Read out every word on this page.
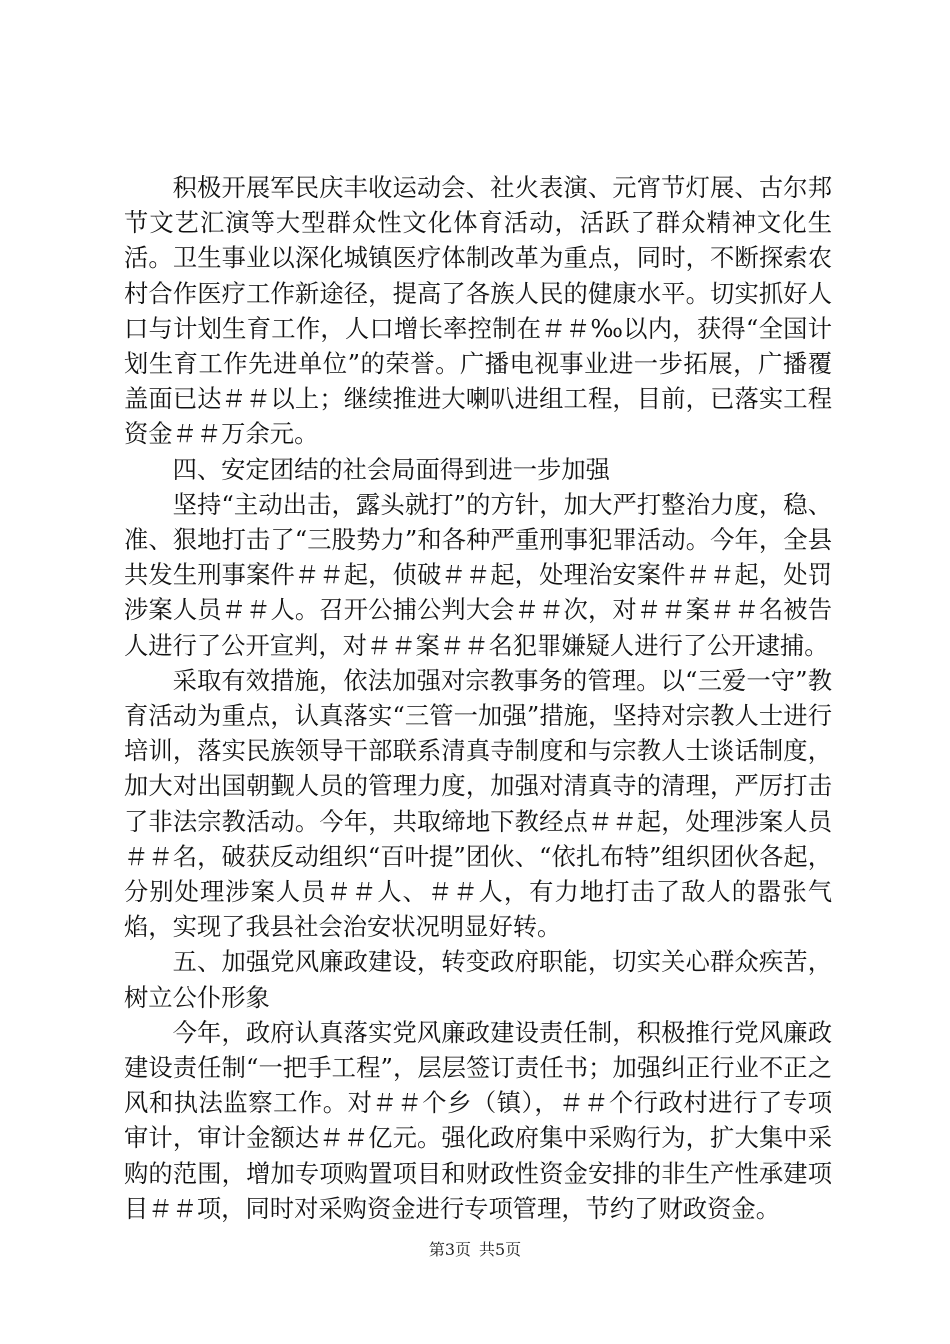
积极开展军民庆丰收运动会、社火表演、元宵节灯展、古尔邦节文艺汇演等大型群众性文化体育活动，活跃了群众精神文化生活。卫生事业以深化城镇医疗体制改革为重点，同时，不断探索农村合作医疗工作新途径，提高了各族人民的健康水平。切实抓好人口与计划生育工作，人口增长率控制在＃＃‰以内，获得“全国计划生育工作先进单位”的荣誉。广播电视事业进一步拓展，广播覆盖面已达＃＃以上；继续推进大喇叭进组工程，目前，已落实工程资金＃＃万余元。

四、安定团结的社会局面得到进一步加强

坚持“主动出击，露头就打”的方针，加大严打整治力度，稳、准、狠地打击了“三股势力”和各种严重刑事犯罪活动。今年，全县共发生刑事案件＃＃起，侦破＃＃起，处理治安案件＃＃起，处罚涉案人员＃＃人。召开公捕公判大会＃＃次，对＃＃案＃＃名被告人进行了公开宣判，对＃＃案＃＃名犯罪嫌疑人进行了公开逮捕。

采取有效措施，依法加强对宗教事务的管理。以“三爱一守”教育活动为重点，认真落实“三管一加强”措施，坚持对宗教人士进行培训，落实民族领导干部联系清真寺制度和与宗教人士谈话制度，加大对出国朝觐人员的管理力度，加强对清真寺的清理，严厉打击了非法宗教活动。今年，共取缔地下教经点＃＃起，处理涉案人员＃＃名，破获反动组织“百叶提”团伙、“依扎布特”组织团伙各起，分别处理涉案人员＃＃人、＃＃人，有力地打击了敌人的嚣张气焰，实现了我县社会治安状况明显好转。

五、加强党风廉政建设，转变政府职能，切实关心群众疾苦，树立公仆形象

今年，政府认真落实党风廉政建设责任制，积极推行党风廉政建设责任制“一把手工程”，层层签订责任书；加强纠正行业不正之风和执法监察工作。对＃＃个乡（镇），＃＃个行政村进行了专项审计，审计金额达＃＃亿元。强化政府集中采购行为，扩大集中采购的范围，增加专项购置项目和财政性资金安排的非生产性承建项目＃＃项，同时对采购资金进行专项管理，节约了财政资金。

第3页 共5页
